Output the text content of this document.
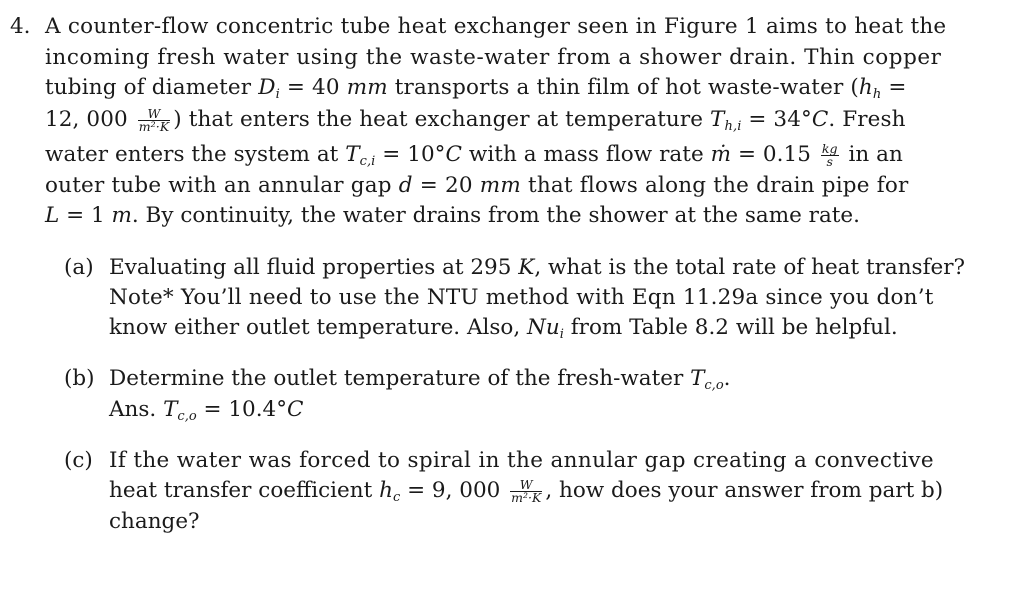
4. A counter-flow concentric tube heat exchanger seen in Figure 1 aims to heat the
incoming fresh water using the waste-water from a shower drain. Thin copper
tubing of diameter $D_i = 40$ mm transports a thin film of hot waste-water ($h_h$ =
12, $000 \frac{W}{\text{m²·K}}$ ) that enters the heat exchanger at temperature $T_{h,i} = 34^\circ C$. Fresh
water enters the system at $T_{c,i} = 10^\circ C$ with a mass flow rate ṁ = $0.15 \frac{kg}{s}$ in an
outer tube with an annular gap d = 20 mm that flows along the drain pipe for
L = 1 m. By continuity, the water drains from the shower at the same rate.
(a) Evaluating all fluid properties at 295 K, what is the total rate of heat transfer?
Note* You’ll need to use the NTU method with Eqn 11.29a since you don’t
know either outlet temperature. Also, $Nu_i$ from Table 8.2 will be helpful.
(b) Determine the outlet temperature of the fresh-water $T_{c,o}$.
Ans. $T_{c,o} = 10.4^\circ C$
(c) If the water was forced to spiral in the annular gap creating a convective
heat transfer coefficient $h_c = 9$, $000 \frac{W}{\text{m²·K}}$ , how does your answer from part b)
change?
